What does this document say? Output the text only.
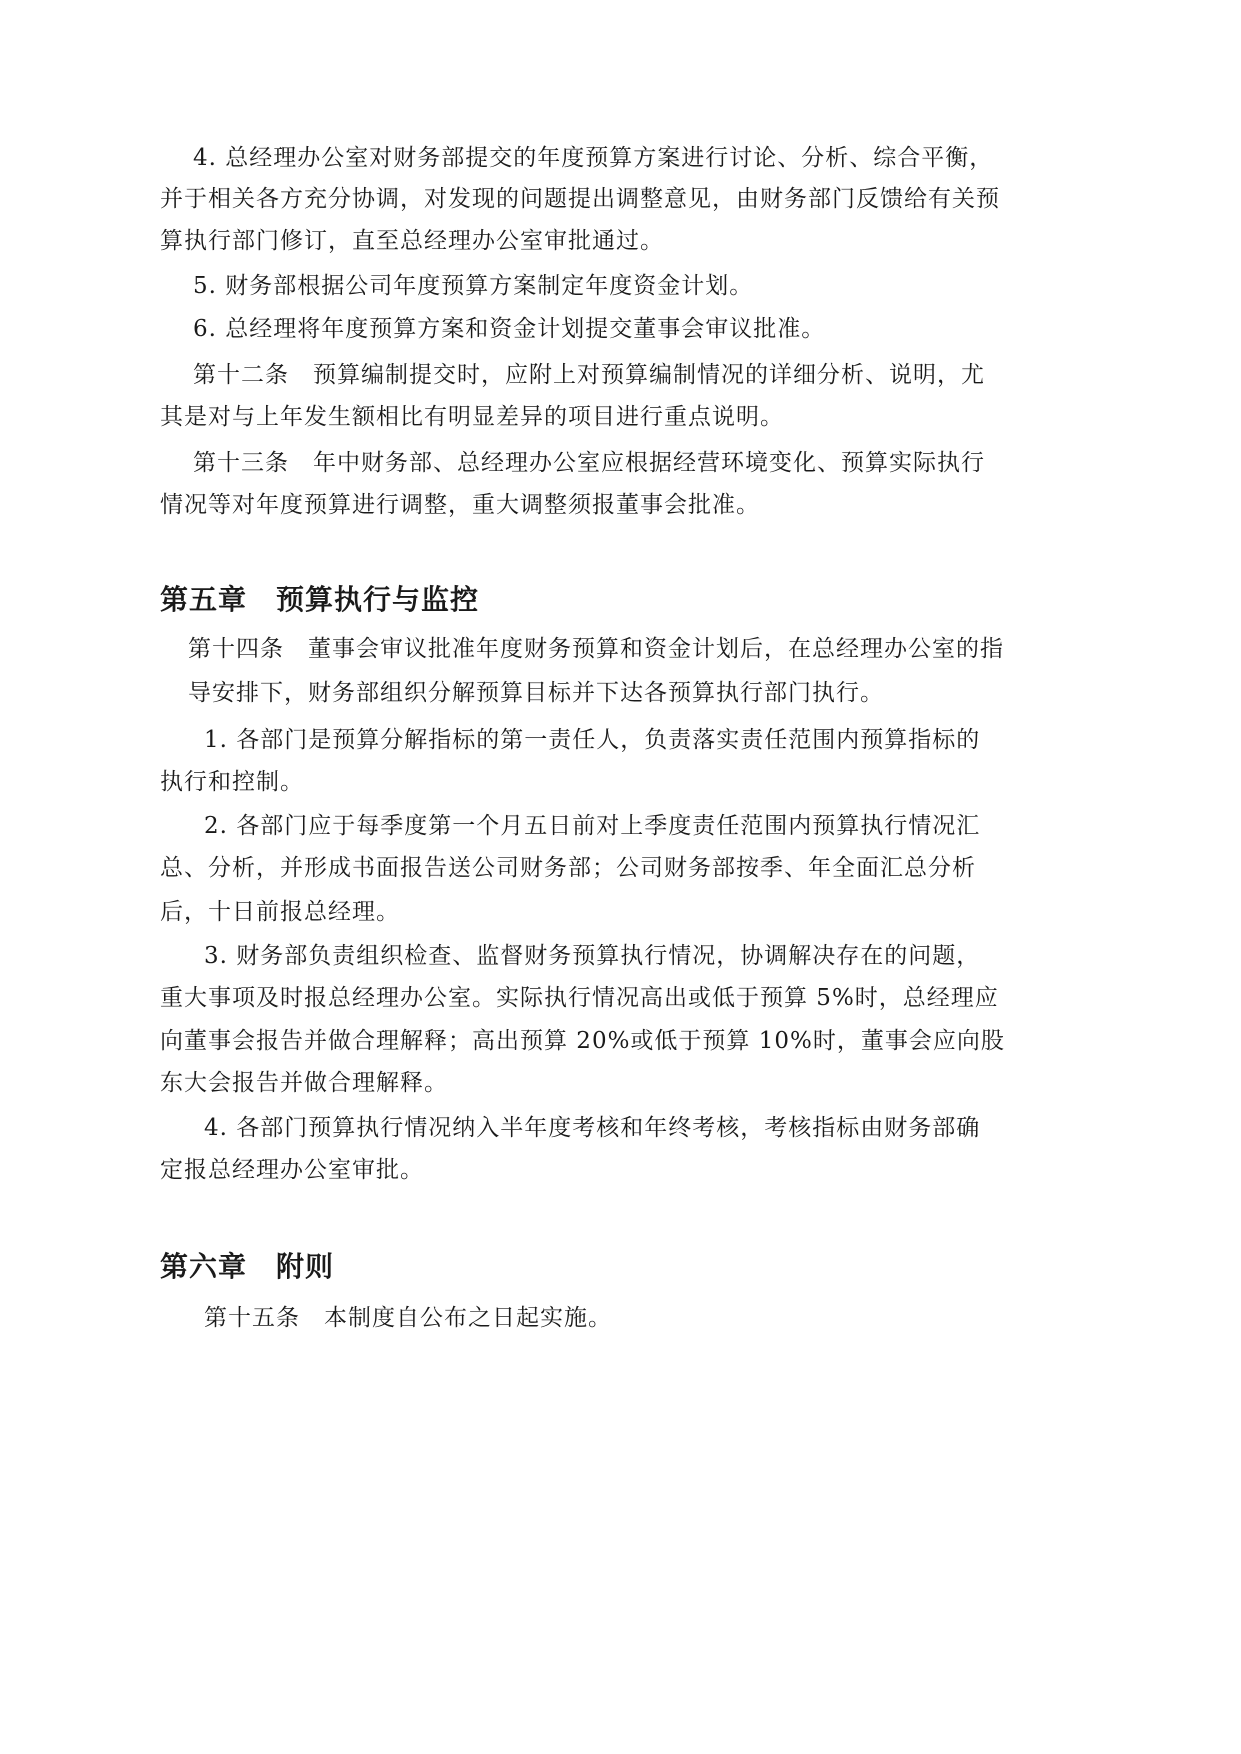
4. 总经理办公室对财务部提交的年度预算方案进行讨论、分析、综合平衡，
并于相关各方充分协调，对发现的问题提出调整意见，由财务部门反馈给有关预
算执行部门修订，直至总经理办公室审批通过。
5. 财务部根据公司年度预算方案制定年度资金计划。
6. 总经理将年度预算方案和资金计划提交董事会审议批准。
第十二条　预算编制提交时，应附上对预算编制情况的详细分析、说明，尤
其是对与上年发生额相比有明显差异的项目进行重点说明。
第十三条　年中财务部、总经理办公室应根据经营环境变化、预算实际执行
情况等对年度预算进行调整，重大调整须报董事会批准。
第五章　预算执行与监控
第十四条　董事会审议批准年度财务预算和资金计划后，在总经理办公室的指
导安排下，财务部组织分解预算目标并下达各预算执行部门执行。
1. 各部门是预算分解指标的第一责任人，负责落实责任范围内预算指标的
执行和控制。
2. 各部门应于每季度第一个月五日前对上季度责任范围内预算执行情况汇
总、分析，并形成书面报告送公司财务部；公司财务部按季、年全面汇总分析
后，十日前报总经理。
3. 财务部负责组织检查、监督财务预算执行情况，协调解决存在的问题，
重大事项及时报总经理办公室。实际执行情况高出或低于预算 5%时，总经理应
向董事会报告并做合理解释；高出预算 20%或低于预算 10%时，董事会应向股
东大会报告并做合理解释。
4. 各部门预算执行情况纳入半年度考核和年终考核，考核指标由财务部确
定报总经理办公室审批。
第六章　附则
第十五条　本制度自公布之日起实施。
